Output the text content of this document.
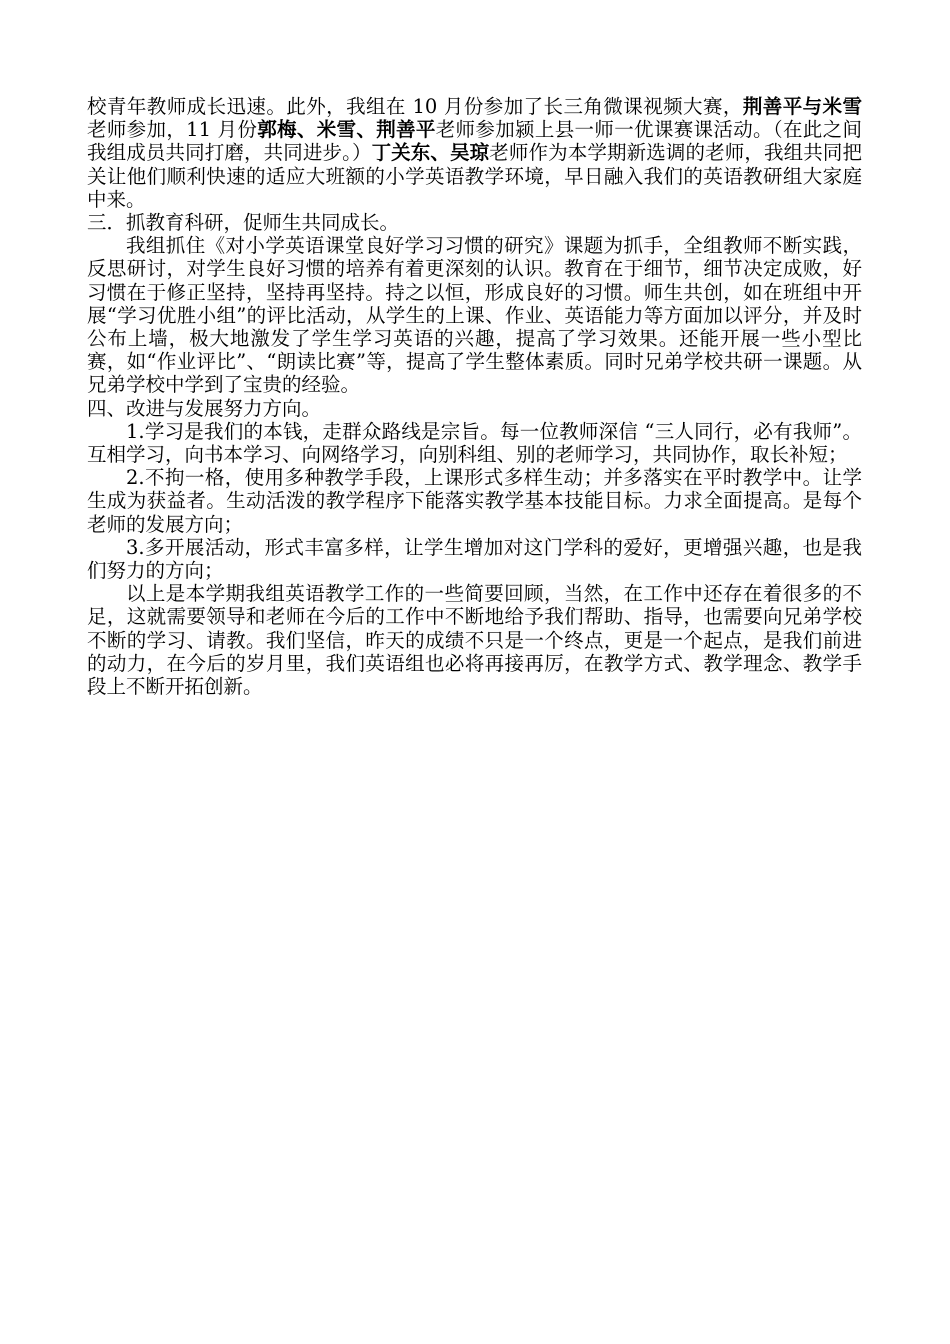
校青年教师成长迅速。此外，我组在 10 月份参加了长三角微课视频大赛，荆善平与米雪老师参加，11 月份郭梅、米雪、荆善平老师参加颍上县一师一优课赛课活动。（在此之间我组成员共同打磨，共同进步。）丁关东、吴琼老师作为本学期新选调的老师，我组共同把关让他们顺利快速的适应大班额的小学英语教学环境，早日融入我们的英语教研组大家庭中来。

三．抓教育科研，促师生共同成长。

我组抓住《对小学英语课堂良好学习习惯的研究》课题为抓手，全组教师不断实践，反思研讨，对学生良好习惯的培养有着更深刻的认识。教育在于细节，细节决定成败，好习惯在于修正坚持，坚持再坚持。持之以恒，形成良好的习惯。师生共创，如在班组中开展“学习优胜小组”的评比活动，从学生的上课、作业、英语能力等方面加以评分，并及时公布上墙，极大地激发了学生学习英语的兴趣，提高了学习效果。还能开展一些小型比赛，如“作业评比”、“朗读比赛”等，提高了学生整体素质。同时兄弟学校共研一课题。从兄弟学校中学到了宝贵的经验。

四、改进与发展努力方向。

1.学习是我们的本钱，走群众路线是宗旨。每一位教师深信 “三人同行，必有我师”。互相学习，向书本学习、向网络学习，向别科组、别的老师学习，共同协作，取长补短；

2.不拘一格，使用多种教学手段，上课形式多样生动；并多落实在平时教学中。让学生成为获益者。生动活泼的教学程序下能落实教学基本技能目标。力求全面提高。是每个老师的发展方向；

3.多开展活动，形式丰富多样，让学生增加对这门学科的爱好，更增强兴趣，也是我们努力的方向；

以上是本学期我组英语教学工作的一些简要回顾，当然，在工作中还存在着很多的不足，这就需要领导和老师在今后的工作中不断地给予我们帮助、指导，也需要向兄弟学校不断的学习、请教。我们坚信，昨天的成绩不只是一个终点，更是一个起点，是我们前进的动力，在今后的岁月里，我们英语组也必将再接再厉，在教学方式、教学理念、教学手段上不断开拓创新。
